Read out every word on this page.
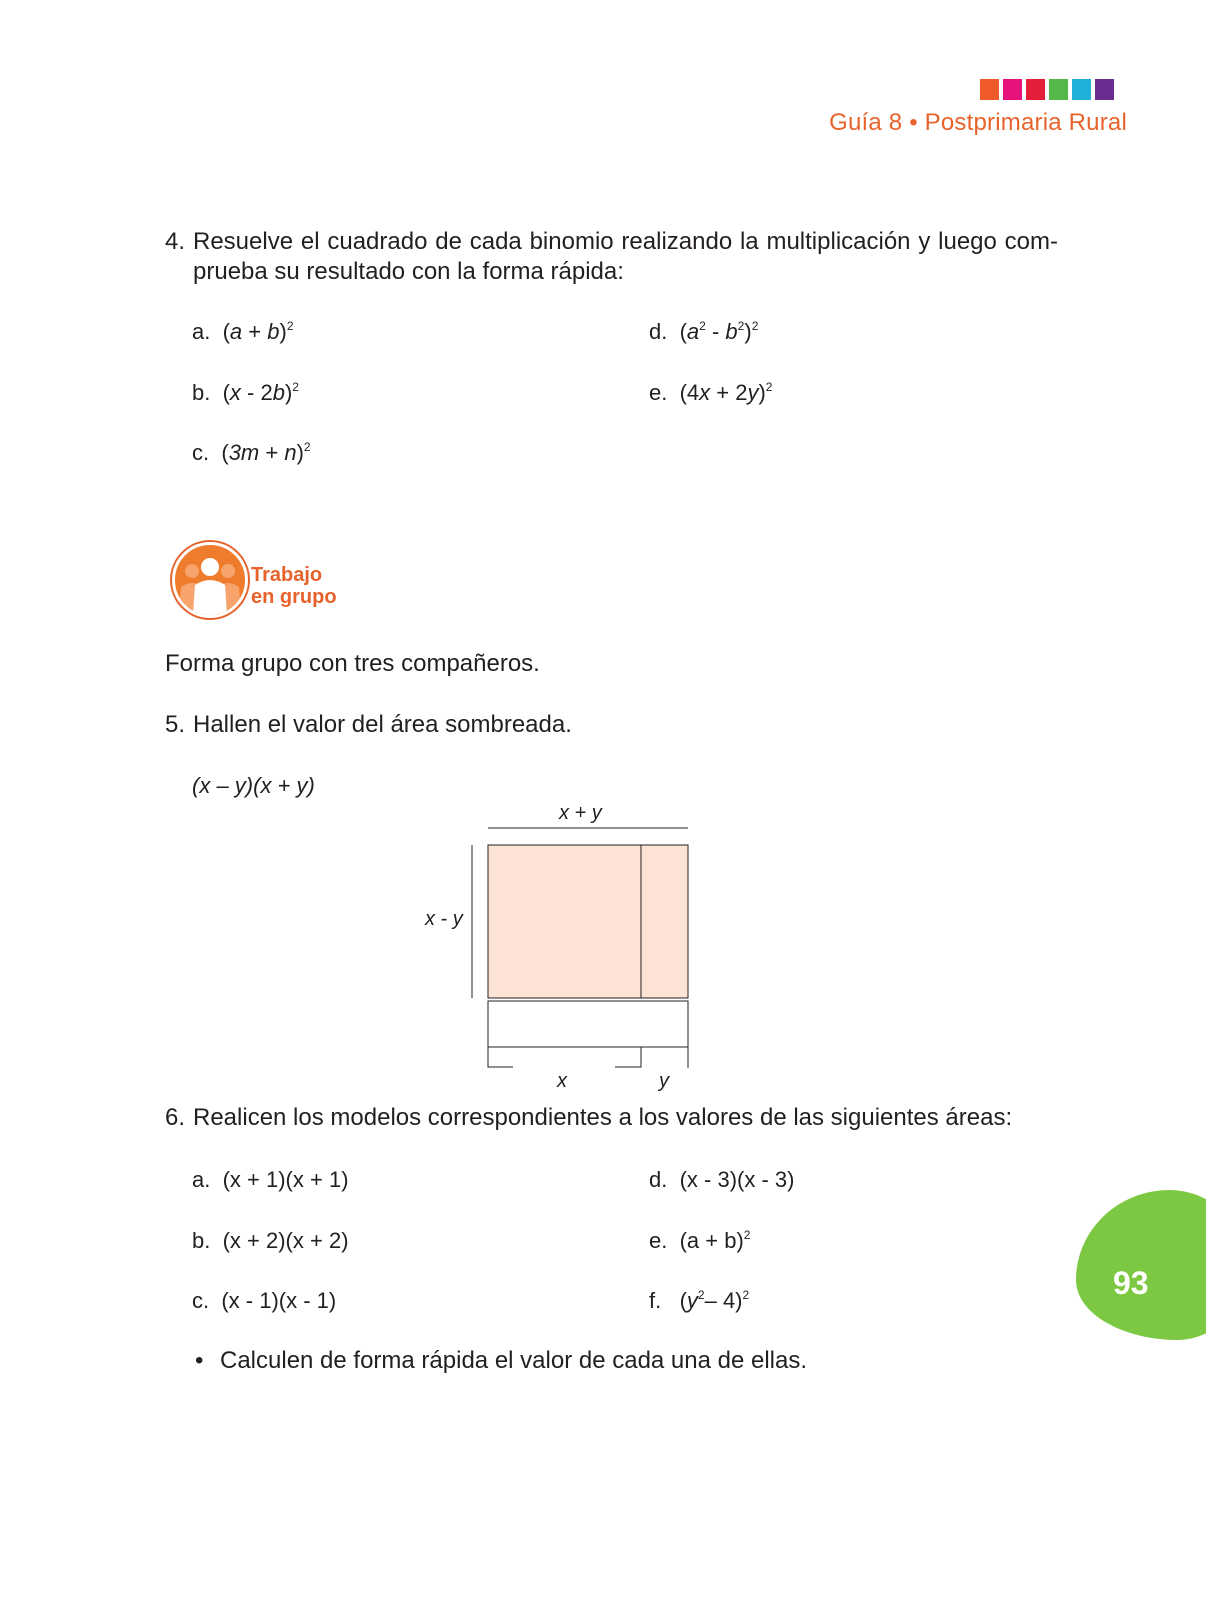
Guía 8 • Postprimaria Rural
4. Resuelve el cuadrado de cada binomio realizando la multiplicación y luego com-
prueba su resultado con la forma rápida:
a. $(a + b)^2$
b. (x - 2b)$^2$
c. $(3m + n)^2$
d. $(a^2 - b^2)^2$
e. $(4x + 2y)^2$
Trabajo
en grupo
Forma grupo con tres compañeros.
5. Hallen el valor del área sombreada.
(x – y)(x + y)
x + y
x - y
x	y
6. Realicen los modelos correspondientes a los valores de las siguientes áreas:
a. (x + 1)(x + 1)
b. (x + 2)(x + 2)
c. (x - 1)(x - 1)
d. (x - 3)(x - 3)
e. $(a + b)^2$
f. ($y^2-$ 4)$^2$
• Calculen de forma rápida el valor de cada una de ellas.
93
